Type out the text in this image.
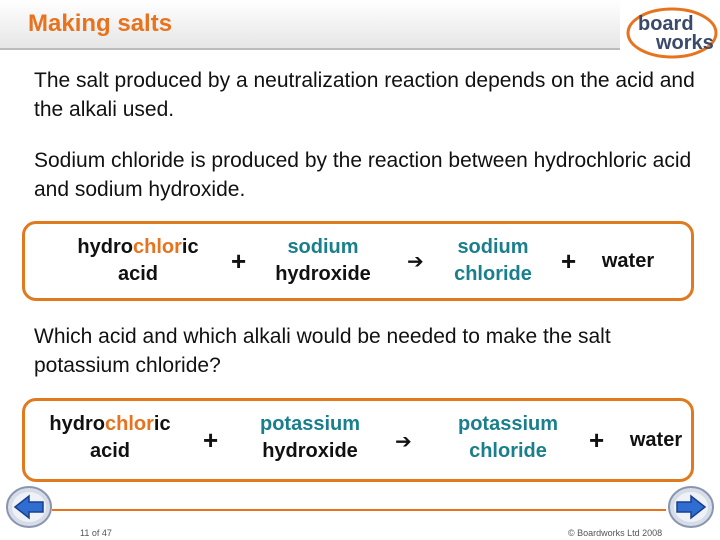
Making salts	board
works
The salt produced by a neutralization reaction depends on the acid and the alkali used.
Sodium chloride is produced by the reaction between hydrochloric acid and sodium hydroxide.
hydrochloric
acid	+	sodium
hydroxide
➔
sodium
chloride	+	water
Which acid and which alkali would be needed to make the salt potassium chloride?
hydrochloric
acid	+
potassium
hydroxide	➔
potassium
chloride	+	water
11 of 47	© Boardworks Ltd 2008
